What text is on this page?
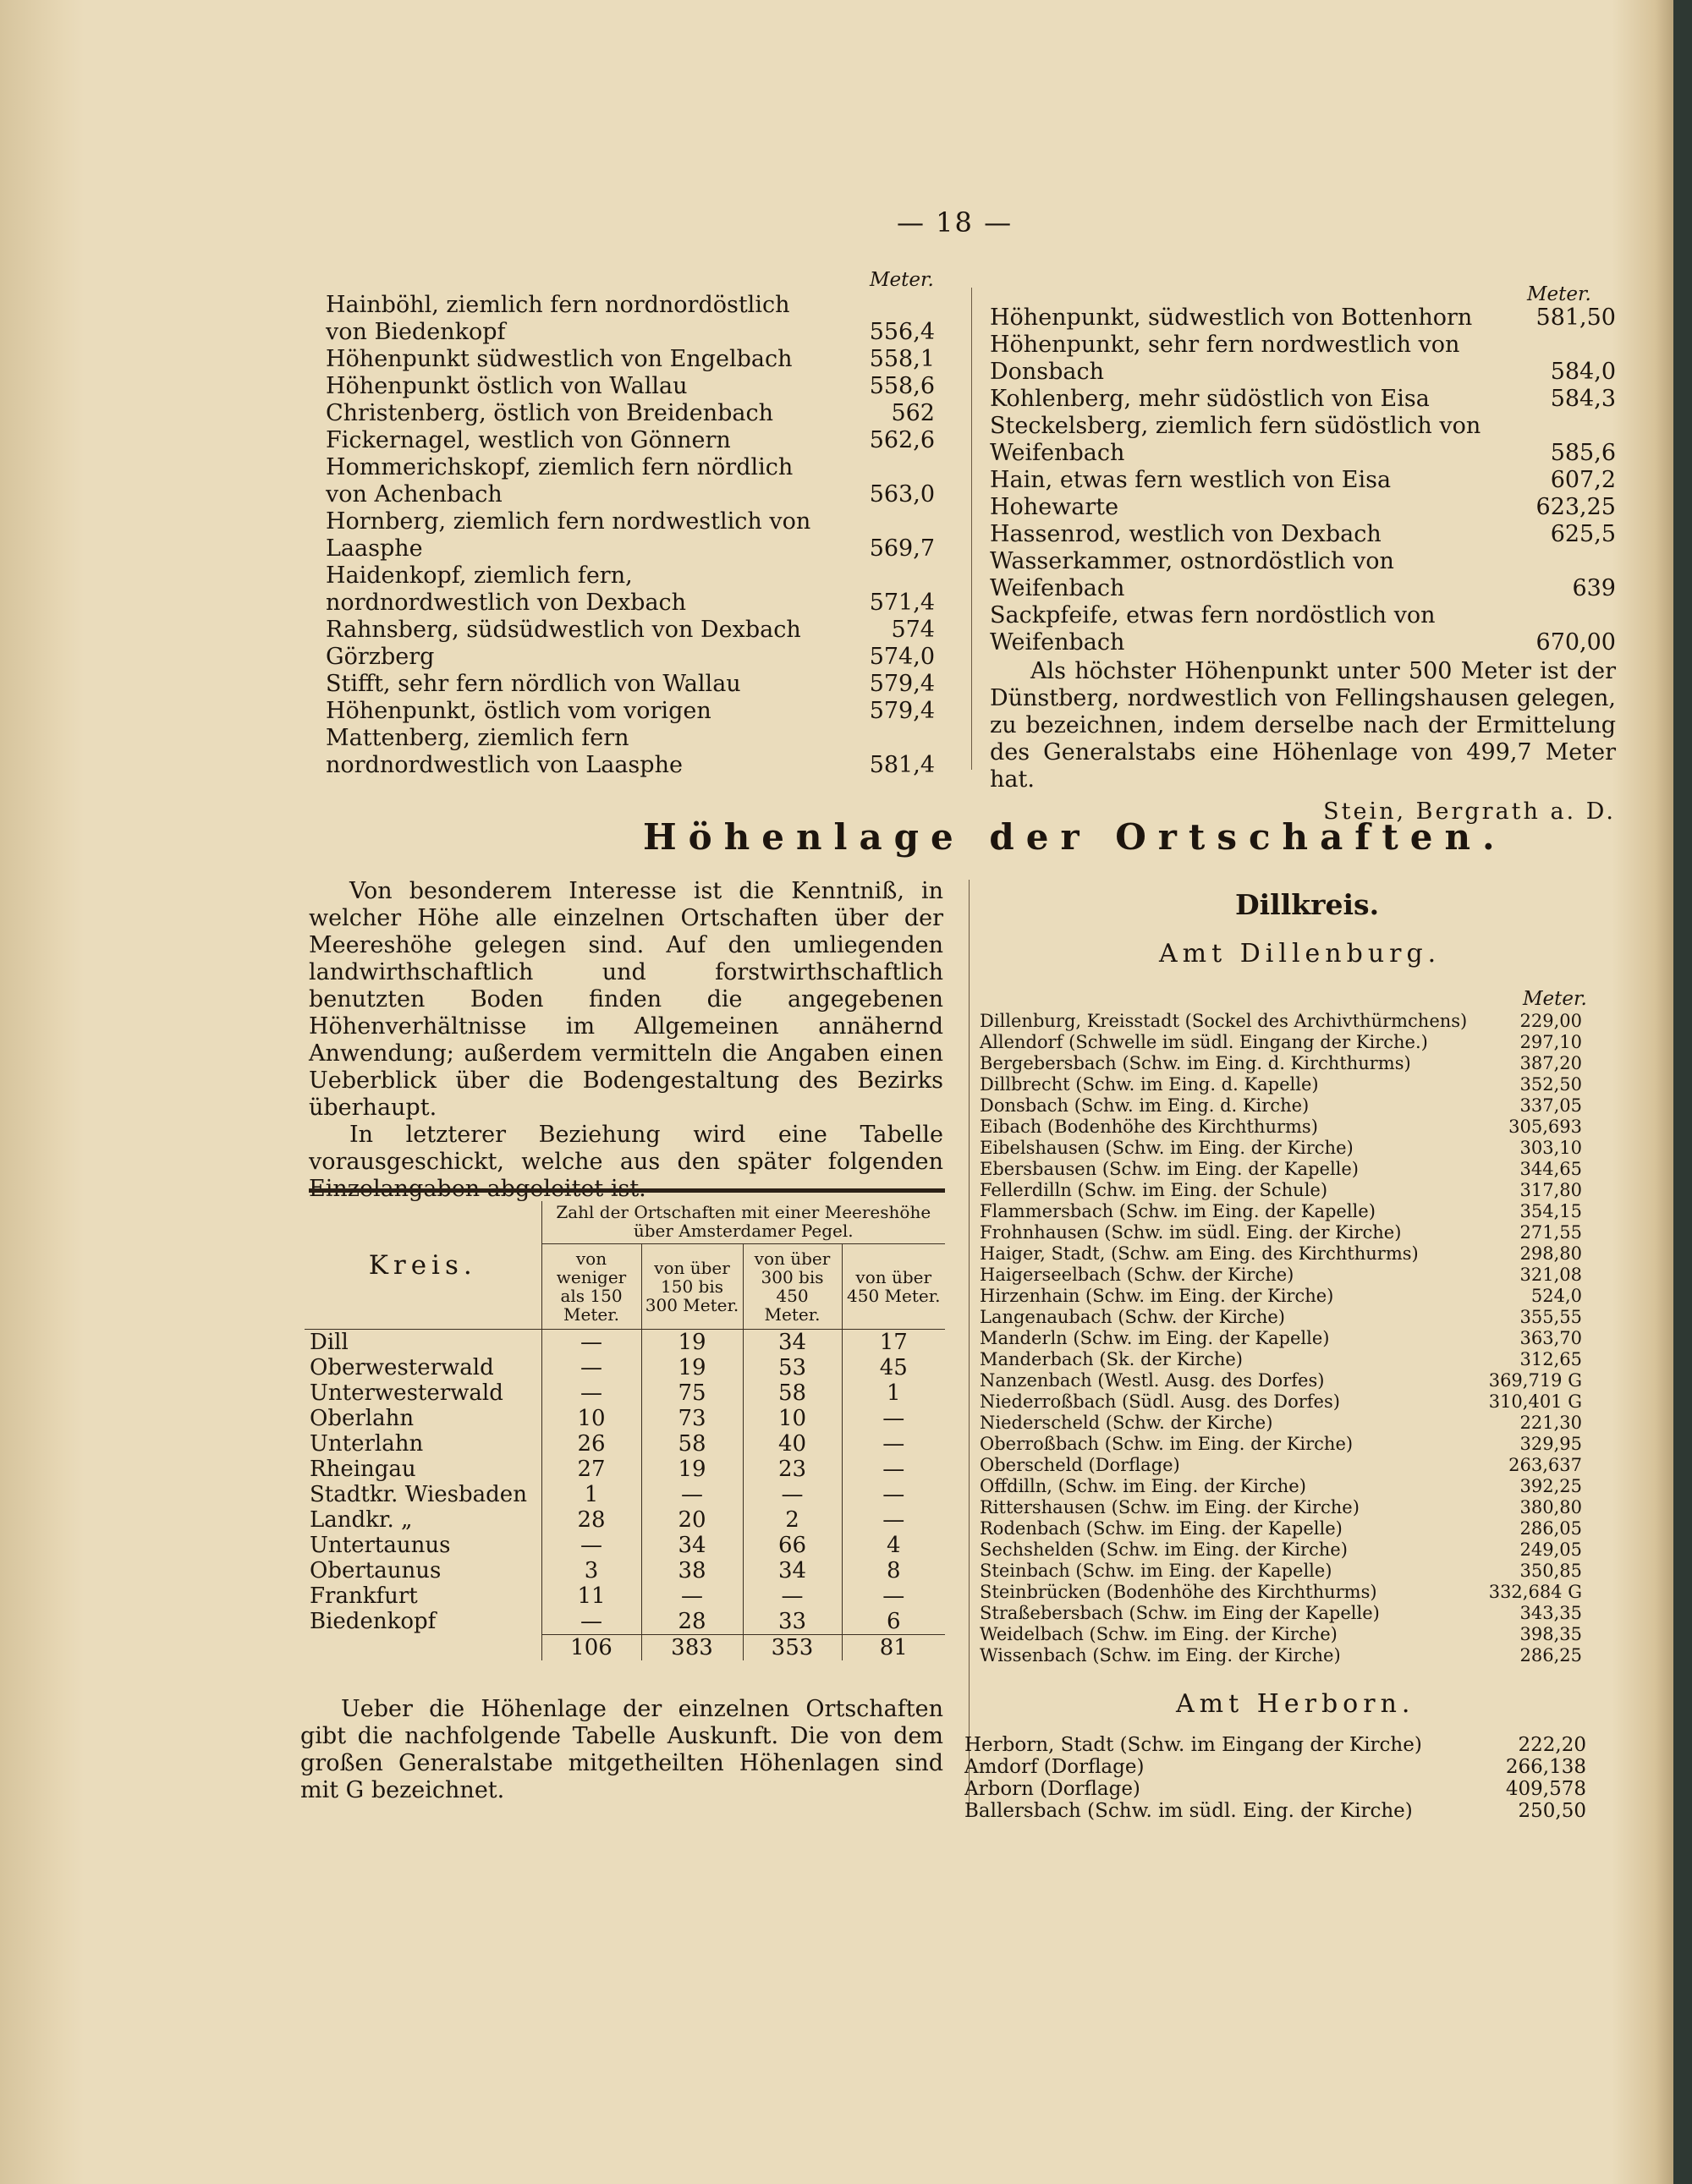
— 18 —
Meter.
Hainböhl, ziemlich fern nordnordöstlich von Biedenkopf	556,4
Höhenpunkt südwestlich von Engelbach	558,1
Höhenpunkt östlich von Wallau	558,6
Christenberg, östlich von Breidenbach	562
Fickernagel, westlich von Gönnern	562,6
Hommerichskopf, ziemlich fern nördlich von Achenbach	563,0
Hornberg, ziemlich fern nordwestlich von Laasphe	569,7
Haidenkopf, ziemlich fern, nordnordwestlich von Dexbach	571,4
Rahnsberg, südsüdwestlich von Dexbach	574
Görzberg	574,0
Stifft, sehr fern nördlich von Wallau	579,4
Höhenpunkt, östlich vom vorigen	579,4
Mattenberg, ziemlich fern nordnordwestlich von Laasphe	581,4
Meter.
Höhenpunkt, südwestlich von Bottenhorn	581,50
Höhenpunkt, sehr fern nordwestlich von Donsbach	584,0
Kohlenberg, mehr südöstlich von Eisa	584,3
Steckelsberg, ziemlich fern südöstlich von Weifenbach	585,6
Hain, etwas fern westlich von Eisa	607,2
Hohewarte	623,25
Hassenrod, westlich von Dexbach	625,5
Wasserkammer, ostnordöstlich von Weifenbach	639
Sackpfeife, etwas fern nordöstlich von Weifenbach	670,00

Als höchster Höhenpunkt unter 500 Meter ist der Dünstberg, nordwestlich von Fellingshausen gelegen, zu bezeichnen, indem derselbe nach der Ermittelung des Generalstabs eine Höhenlage von 499,7 Meter hat.

Stein, Bergrath a. D.
Höhenlage der Ortschaften.

Von besonderem Interesse ist die Kenntniß, in welcher Höhe alle einzelnen Ortschaften über der Meereshöhe gelegen sind. Auf den umliegenden landwirthschaftlich und forstwirthschaftlich benutzten Boden finden die angegebenen Höhenverhältnisse im Allgemeinen annähernd Anwendung; außerdem vermitteln die Angaben einen Ueberblick über die Bodengestaltung des Bezirks überhaupt.

In letzterer Beziehung wird eine Tabelle vorausgeschickt, welche aus den später folgenden

Kreis.	Zahl der Ortschaften mit einer Meereshöhe über Amsterdamer Pegel.			
	von weniger als 150 Meter.	von über 150 bis 300 Meter.	von über 300 bis 450 Meter.	von über 450 Meter.
Dill	—	19	34	17
Oberwesterwald	—	19	53	45
Unterwesterwald	—	75	58	1
Oberlahn	10	73	10	—
Unterlahn	26	58	40	—
Rheingau	27	19	23	—
Stadtkr. Wiesbaden	1	—	—	—
Landkr. „	28	20	2	—
Untertaunus	—	34	66	4
Obertaunus	3	38	34	8
Frankfurt	11	—	—	—
Biedenkopf	—	28	33	6
	106	383	353	81

Ueber die Höhenlage der einzelnen Ortschaften gibt die nachfolgende Tabelle Auskunft. Die von dem großen Generalstabe mitgetheilten Höhenlagen sind mit G bezeichnet.

Dillkreis.
Amt Dillenburg.
Meter.
Dillenburg, Kreisstadt (Sockel des Archivthürmchens)	229,00
Allendorf (Schwelle im südl. Eingang der Kirche.)	297,10
Bergebersbach (Schw. im Eing. d. Kirchthurms)	387,20
Dillbrecht (Schw. im Eing. d. Kapelle)	352,50
Donsbach (Schw. im Eing. d. Kirche)	337,05
Eibach (Bodenhöhe des Kirchthurms)	305,693
Eibelshausen (Schw. im Eing. der Kirche)	303,10
Ebersbausen (Schw. im Eing. der Kapelle)	344,65
Fellerdilln (Schw. im Eing. der Schule)	317,80
Flammersbach (Schw. im Eing. der Kapelle)	354,15
Frohnhausen (Schw. im südl. Eing. der Kirche)	271,55
Haiger, Stadt, (Schw. am Eing. des Kirchthurms)	298,80
Haigerseelbach (Schw. der Kirche)	321,08
Hirzenhain (Schw. im Eing. der Kirche)	524,0
Langenaubach (Schw. der Kirche)	355,55
Manderln (Schw. im Eing. der Kapelle)	363,70
Manderbach (Sk. der Kirche)	312,65
Nanzenbach (Westl. Ausg. des Dorfes)	369,719 G
Niederroßbach (Südl. Ausg. des Dorfes)	310,401 G
Niederscheld (Schw. der Kirche)	221,30
Oberroßbach (Schw. im Eing. der Kirche)	329,95
Oberscheld (Dorflage)	263,637
Offdilln, (Schw. im Eing. der Kirche)	392,25
Rittershausen (Schw. im Eing. der Kirche)	380,80
Rodenbach (Schw. im Eing. der Kapelle)	286,05
Sechshelden (Schw. im Eing. der Kirche)	249,05
Steinbach (Schw. im Eing. der Kapelle)	350,85
Steinbrücken (Bodenhöhe des Kirchthurms)	332,684 G
Straßebersbach (Schw. im Eing der Kapelle)	343,35
Weidelbach (Schw. im Eing. der Kirche)	398,35
Wissenbach (Schw. im Eing. der Kirche)	286,25
Amt Herborn.
Herborn, Stadt (Schw. im Eingang der Kirche)	222,20
Amdorf (Dorflage)	266,138
Arborn (Dorflage)	409,578
Ballersbach (Schw. im südl. Eing. der Kirche)	250,50
